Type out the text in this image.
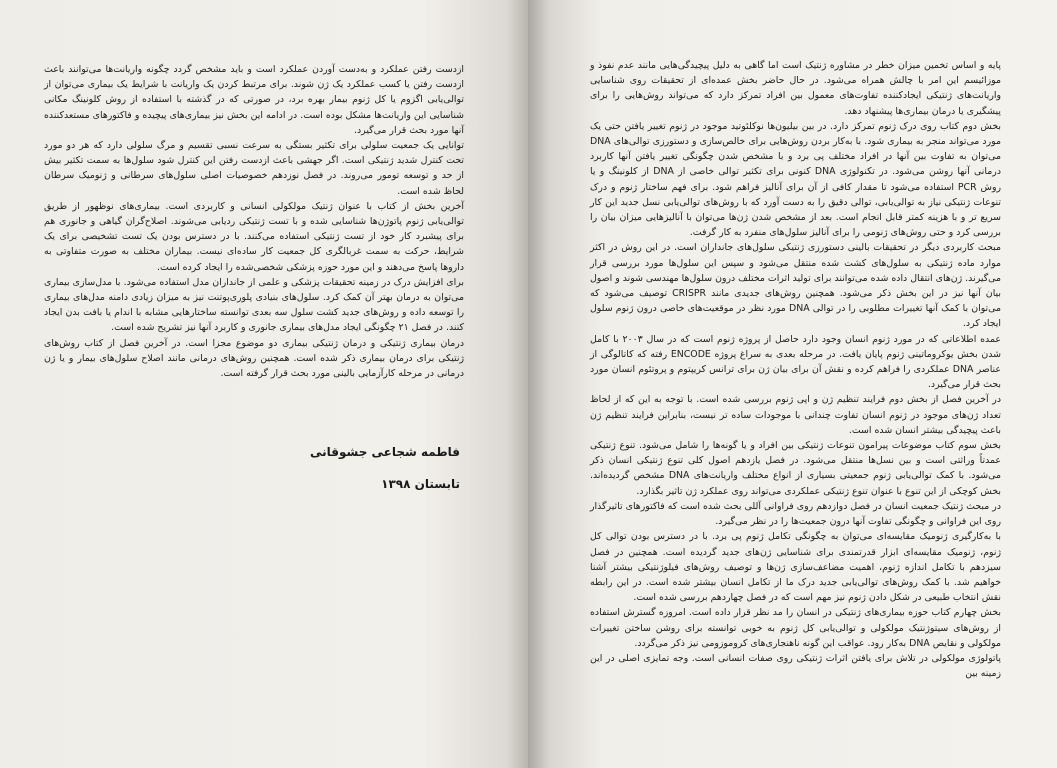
ازدست رفتن عملکرد و به‌دست آوردن عملکرد است و باید مشخص گردد چگونه واریانت‌ها می‌توانند باعث ازدست رفتن یا کسب عملکرد یک ژن شوند. برای مرتبط کردن یک واریانت با شرایط یک بیماری می‌توان از توالی‌یابی اگزوم یا کل ژنوم بیمار بهره برد، در صورتی که در گذشته با استفاده از روش کلونینگ مکانی شناسایی این واریانت‌ها مشکل بوده است. در ادامه این بخش نیز بیماری‌های پیچیده و فاکتورهای مستعدکننده آنها مورد بحث قرار می‌گیرد.

توانایی یک جمعیت سلولی برای تکثیر بستگی به سرعت نسبی تقسیم و مرگ سلولی دارد که هر دو مورد تحت کنترل شدید ژنتیکی است. اگر جهشی باعث ازدست رفتن این کنترل شود سلول‌ها به سمت تکثیر بیش از حد و توسعه تومور می‌روند. در فصل نوزدهم خصوصیات اصلی سلول‌های سرطانی و ژنومیک سرطان لحاظ شده است.

آخرین بخش از کتاب با عنوان ژنتیک مولکولی انسانی و کاربردی است. بیماری‌های نوظهور از طریق توالی‌یابی ژنوم پاتوژن‌ها شناسایی شده و با تست ژنتیکی ردیابی می‌شوند. اصلاح‌گران گیاهی و جانوری هم برای پیشبرد کار خود از تست ژنتیکی استفاده می‌کنند. با در دسترس بودن یک تست تشخیصی برای یک شرایط، حرکت به سمت غربالگری کل جمعیت کار ساده‌ای نیست. بیماران مختلف به صورت متفاوتی به داروها پاسخ می‌دهند و این مورد حوزه پزشکی شخصی‌شده را ایجاد کرده است.

برای افزایش درک در زمینه تحقیقات پزشکی و علمی از جانداران مدل استفاده می‌شود. با مدل‌سازی بیماری می‌توان به درمان بهتر آن کمک کرد. سلول‌های بنیادی پلوری‌پوتنت نیز به میزان زیادی دامنه مدل‌های بیماری را توسعه داده و روش‌های جدید کشت سلول سه بعدی توانسته ساختارهایی مشابه با اندام یا بافت بدن ایجاد کنند. در فصل ۲۱ چگونگی ایجاد مدل‌های بیماری جانوری و کاربرد آنها نیز تشریح شده است.

درمان بیماری ژنتیکی و درمان ژنتیکی بیماری دو موضوع مجزا است. در آخرین فصل از کتاب روش‌های ژنتیکی برای درمان بیماری ذکر شده است. همچنین روش‌های درمانی مانند اصلاح سلول‌های بیمار و یا ژن درمانی در مرحله کارآزمایی بالینی مورد بحث قرار گرفته است.

فاطمه شجاعی جشوقانی
تابستان ۱۳۹۸

پایه و اساس تخمین میزان خطر در مشاوره ژنتیک است اما گاهی به دلیل پیچیدگی‌هایی مانند عدم نفوذ و موزائیسم این امر با چالش همراه می‌شود. در حال حاضر بخش عمده‌ای از تحقیقات روی شناسایی واریانت‌های ژنتیکی ایجادکننده تفاوت‌های معمول بین افراد تمرکز دارد که می‌تواند روش‌هایی را برای پیشگیری یا درمان بیماری‌ها پیشنهاد دهد.

بخش دوم کتاب روی درک ژنوم تمرکز دارد. در بین بیلیون‌ها نوکلئوتید موجود در ژنوم تغییر یافتن حتی یک مورد می‌تواند منجر به بیماری شود. با به‌کار بردن روش‌هایی برای خالص‌سازی و دستورزی توالی‌های DNA می‌توان به تفاوت بین آنها در افراد مختلف پی برد و با مشخص شدن چگونگی تغییر یافتن آنها کاربرد درمانی آنها روشن می‌شود. در تکنولوژی DNA کنونی برای تکثیر توالی خاصی از DNA از کلونینگ و یا روش PCR استفاده می‌شود تا مقدار کافی از آن برای آنالیز فراهم شود. برای فهم ساختار ژنوم و درک تنوعات ژنتیکی نیاز به توالی‌یابی، توالی دقیق را به دست آورد که با روش‌های توالی‌یابی نسل جدید این کار سریع تر و با هزینه کمتر قابل انجام است. بعد از مشخص شدن ژن‌ها می‌توان با آنالیزهایی میزان بیان را بررسی کرد و حتی روش‌های ژنومی را برای آنالیز سلول‌های منفرد به کار گرفت.

مبحث کاربردی دیگر در تحقیقات بالینی دستورزی ژنتیکی سلول‌های جانداران است. در این روش در اکثر موارد ماده ژنتیکی به سلول‌های کشت شده منتقل می‌شود و سپس این سلول‌ها مورد بررسی قرار می‌گیرند. ژن‌های انتقال داده شده می‌توانند برای تولید اثرات مختلف درون سلول‌ها مهندسی شوند و اصول بیان آنها نیز در این بخش ذکر می‌شود. همچنین روش‌های جدیدی مانند CRISPR توصیف می‌شود که می‌توان با کمک آنها تغییرات مطلوبی را در توالی DNA مورد نظر در موقعیت‌های خاصی درون ژنوم سلول ایجاد کرد.

عمده اطلاعاتی که در مورد ژنوم انسان وجود دارد حاصل از پروژه ژنوم است که در سال ۲۰۰۳ با کامل شدن بخش یوکروماتینی ژنوم پایان یافت. در مرحله بعدی به سراغ پروژه ENCODE رفته که کاتالوگی از عناصر DNA عملکردی را فراهم کرده و نقش آن برای بیان ژن برای ترانس کریپتوم و پروتئوم انسان مورد بحث قرار می‌گیرد.

در آخرین فصل از بخش دوم فرایند تنظیم ژن و اپی ژنوم بررسی شده است. با توجه به این که از لحاظ تعداد ژن‌های موجود در ژنوم انسان تفاوت چندانی با موجودات ساده تر نیست، بنابراین فرایند تنظیم ژن باعث پیچیدگی بیشتر انسان شده است.

بخش سوم کتاب موضوعات پیرامون تنوعات ژنتیکی بین افراد و یا گونه‌ها را شامل می‌شود. تنوع ژنتیکی عمدتاً وراثتی است و بین نسل‌ها منتقل می‌شود. در فصل یازدهم اصول کلی تنوع ژنتیکی انسان ذکر می‌شود. با کمک توالی‌یابی ژنوم جمعیتی بسیاری از انواع مختلف واریانت‌های DNA مشخص گردیده‌اند. بخش کوچکی از این تنوع با عنوان تنوع ژنتیکی عملکردی می‌تواند روی عملکرد ژن تاثیر بگذارد.

در مبحث ژنتیک جمعیت انسان در فصل دوازدهم روی فراوانی آللی بحث شده است که فاکتورهای تاثیرگذار روی این فراوانی و چگونگی تفاوت آنها درون جمعیت‌ها را در نظر می‌گیرد.

با به‌کارگیری ژنومیک مقایسه‌ای می‌توان به چگونگی تکامل ژنوم پی برد. با در دسترس بودن توالی کل ژنوم، ژنومیک مقایسه‌ای ابزار قدرتمندی برای شناسایی ژن‌های جدید گردیده است. همچنین در فصل سیزدهم با تکامل اندازه ژنوم، اهمیت مضاعف‌سازی ژن‌ها و توصیف روش‌های فیلوژنتیکی بیشتر آشنا خواهیم شد. با کمک روش‌های توالی‌یابی جدید درک ما از تکامل انسان بیشتر شده است. در این رابطه نقش انتخاب طبیعی در شکل دادن ژنوم نیز مهم است که در فصل چهاردهم بررسی شده است.

بخش چهارم کتاب حوزه بیماری‌های ژنتیکی در انسان را مد نظر قرار داده است. امروزه گسترش استفاده از روش‌های سیتوژنتیک مولکولی و توالی‌یابی کل ژنوم به خوبی توانسته برای روشن ساختن تغییرات مولکولی و نقایص DNA به‌کار رود. عواقب این گونه ناهنجاری‌های کروموزومی نیز ذکر می‌گردد.

پاتولوژی مولکولی در تلاش برای یافتن اثرات ژنتیکی روی صفات انسانی است. وجه تمایزی اصلی در این زمینه بین
